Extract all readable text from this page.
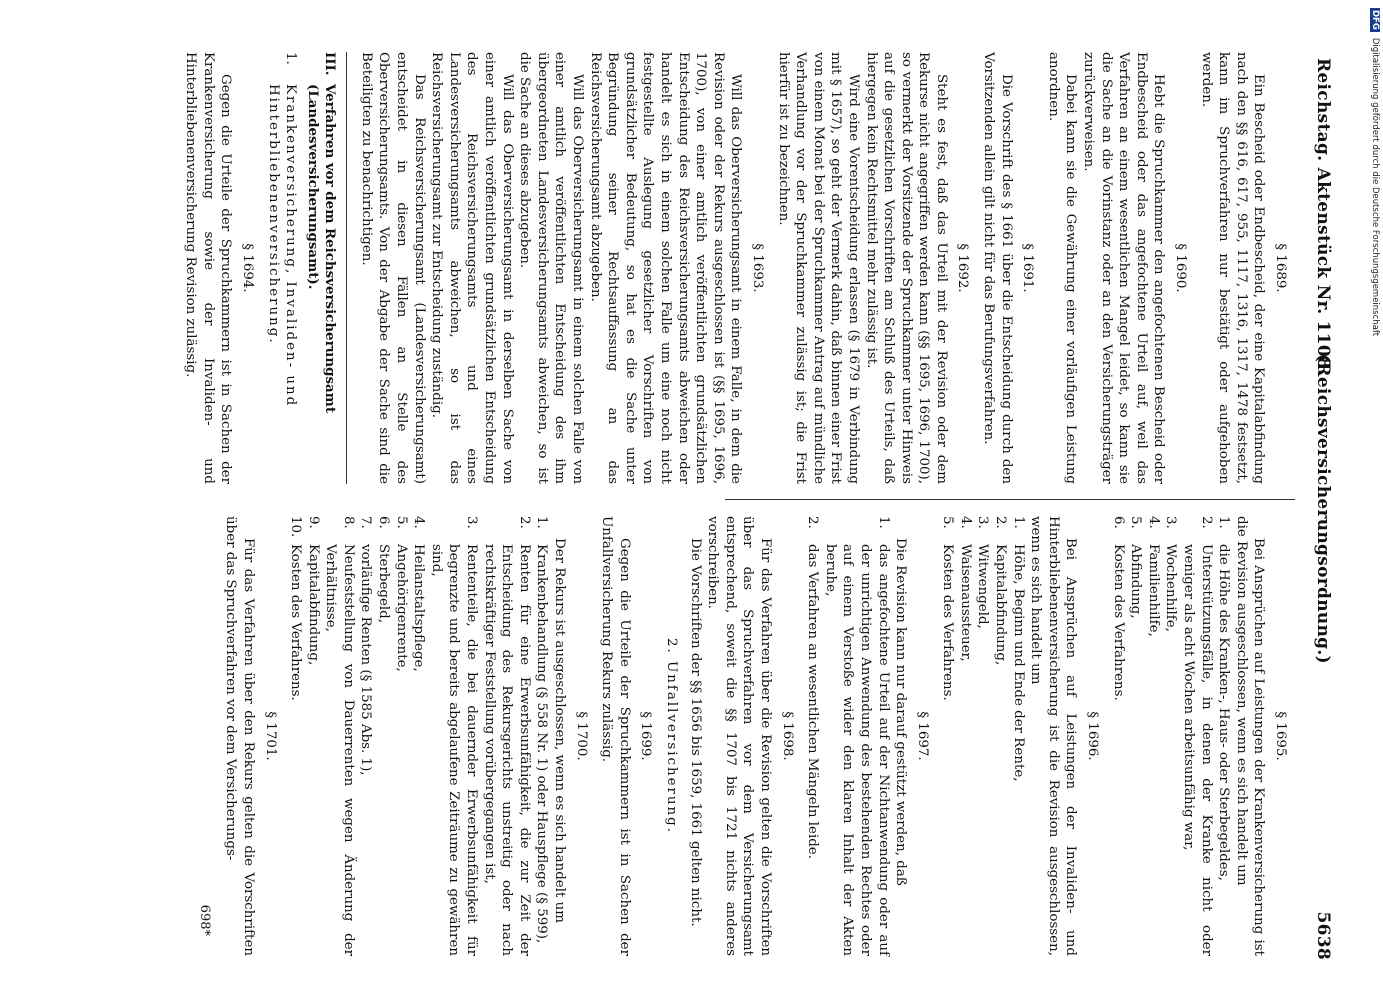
Reichstag. Aktenstück Nr. 1108.
(Reichsversicherungsordnung.)
5638
§ 1689.

Ein Bescheid oder Endbescheid, der eine Kapitalabfindung nach den §§ 616, 617, 955, 1117, 1316, 1317, 1478 festsetzt, kann im Spruchverfahren nur bestätigt oder aufgehoben werden.

§ 1690.

Hebt die Spruchkammer den angefochtenen Bescheid oder Endbescheid oder das angefochtene Urteil auf, weil das Verfahren an einem wesentlichen Mangel leidet, so kann sie die Sache an die Vorinstanz oder an den Versicherungsträger zurückverweisen.

Dabei kann sie die Gewährung einer vorläufigen Leistung anordnen.

§ 1691.

Die Vorschrift des § 1661 über die Entscheidung durch den Vorsitzenden allein gilt nicht für das Berufungsverfahren.

§ 1692.

Steht es fest, daß das Urteil mit der Revision oder dem Rekurse nicht angegriffen werden kann (§§ 1695, 1696, 1700), so vermerkt der Vorsitzende der Spruchkammer unter Hinweis auf die gesetzlichen Vorschriften am Schluß des Urteils, daß hiergegen kein Rechtsmittel mehr zulässig ist.

Wird eine Vorentscheidung erlassen (§ 1679 in Verbindung mit § 1657), so geht der Vermerk dahin, daß binnen einer Frist von einem Monat bei der Spruchkammer Antrag auf mündliche Verhandlung vor der Spruchkammer zulässig ist; die Frist hierfür ist zu bezeichnen.

§ 1693.

Will das Oberversicherungsamt in einem Falle, in dem die Revision oder der Rekurs ausgeschlossen ist (§§ 1695, 1696, 1700), von einer amtlich veröffentlichten grundsätzlichen Entscheidung des Reichsversicherungsamts abweichen oder handelt es sich in einem solchen Falle um eine noch nicht festgestellte Auslegung gesetzlicher Vorschriften von grundsätzlicher Bedeutung, so hat es die Sache unter Begründung seiner Rechtsauffassung an das Reichsversicherungsamt abzugeben.

Will das Oberversicherungsamt in einem solchen Falle von einer amtlich veröffentlichten Entscheidung des ihm übergeordneten Landesversicherungsamts abweichen, so ist die Sache an dieses abzugeben.

Will das Oberversicherungsamt in derselben Sache von einer amtlich veröffentlichten grundsätzlichen Entscheidung des Reichsversicherungsamts und eines Landesversicherungsamts abweichen, so ist das Reichsversicherungsamt zur Entscheidung zuständig.

Das Reichsversicherungsamt (Landesversicherungsamt) entscheidet in diesen Fällen an Stelle des Oberversicherungsamts. Von der Abgabe der Sache sind die Beteiligten zu benachrichtigen.

III.
Verfahren vor dem Reichsversicherungsamt (Landesversicherungsamt).
1.
Krankenversicherung, Invaliden- und Hinterbliebenenversicherung.
§ 1694.

Gegen die Urteile der Spruchkammern ist in Sachen der Krankenversicherung sowie der Invaliden- und Hinterbliebenenversicherung Revision zulässig.

§ 1695.

Bei Ansprüchen auf Leistungen der Krankenversicherung ist die Revision ausgeschlossen, wenn es sich handelt um

1.
die Höhe des Kranken-, Haus- oder Sterbegeldes,
2.
Unterstützungsfälle, in denen der Kranke nicht oder weniger als acht Wochen arbeitsunfähig war,
3.
Wochenhilfe,
4.
Familienhilfe,
5.
Abfindung,
6.
Kosten des Verfahrens.
§ 1696.

Bei Ansprüchen auf Leistungen der Invaliden- und Hinterbliebenenversicherung ist die Revision ausgeschlossen, wenn es sich handelt um

1.
Höhe, Beginn und Ende der Rente,
2.
Kapitalabfindung,
3.
Witwengeld,
4.
Waisenaussteuer,
5.
Kosten des Verfahrens.
§ 1697.

Die Revision kann nur darauf gestützt werden, daß

1.
das angefochtene Urteil auf der Nichtanwendung oder auf der unrichtigen Anwendung des bestehenden Rechtes oder auf einem Verstoße wider den klaren Inhalt der Akten beruhe,
2.
das Verfahren an wesentlichen Mängeln leide.
§ 1698.

Für das Verfahren über die Revision gelten die Vorschriften über das Spruchverfahren vor dem Versicherungsamt entsprechend, soweit die §§ 1707 bis 1721 nichts anderes vorschreiben.

Die Vorschriften der §§ 1656 bis 1659, 1661 gelten nicht.

2. Unfallversicherung.
§ 1699.

Gegen die Urteile der Spruchkammern ist in Sachen der Unfallversicherung Rekurs zulässig.

§ 1700.

Der Rekurs ist ausgeschlossen, wenn es sich handelt um

1.
Krankenbehandlung (§ 558 Nr. 1) oder Hauspflege (§ 599),
2.
Renten für eine Erwerbsunfähigkeit, die zur Zeit der Entscheidung des Rekursgerichts unstreitig oder nach rechtskräftiger Feststellung vorübergegangen ist,
3.
Rententeile, die bei dauernder Erwerbsunfähigkeit für begrenzte und bereits abgelaufene Zeiträume zu gewähren sind,
4.
Heilanstaltspflege,
5.
Angehörigenrente,
6.
Sterbegeld,
7.
vorläufige Renten (§ 1585 Abs. 1),
8.
Neufeststellung von Dauerrenten wegen Änderung der Verhältnisse,
9.
Kapitalabfindung,
10.
Kosten des Verfahrens.
§ 1701.

Für das Verfahren über den Rekurs gelten die Vorschriften über das Spruchverfahren vor dem Versicherungs-

698*
DFGDigitalisierung gefördert durch die Deutsche Forschungsgemeinschaft
